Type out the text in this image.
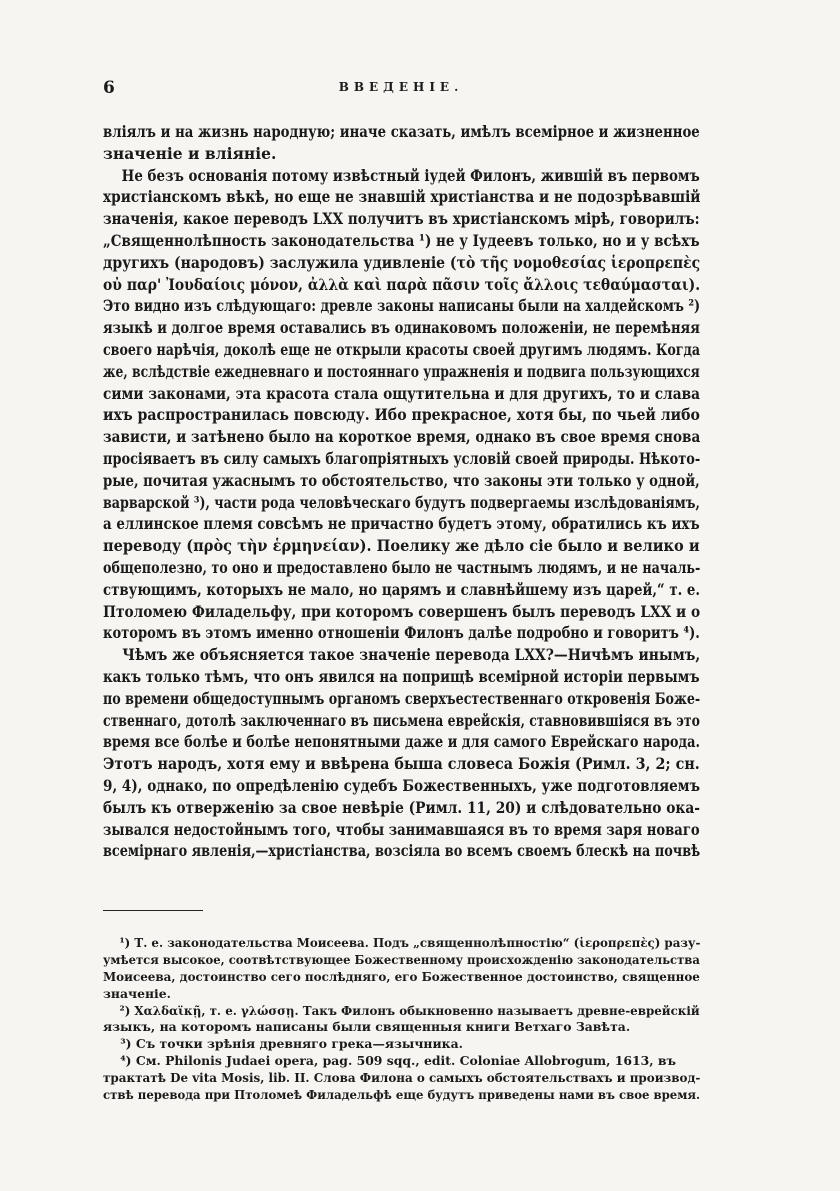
6	ВВЕДЕНІЕ.
вліялъ и на жизнь народную; иначе сказать, имѣлъ всемірное и жизненное
значеніе и вліяніе.
Не безъ основанія потому извѣстный іудей Филонъ, жившій въ первомъ
христіанскомъ вѣкѣ, но еще не знавшій христіанства и не подозрѣвавшій
значенія, какое переводъ LXX получитъ въ христіанскомъ мірѣ, говорилъ:
„Священнолѣпность законодательства ¹) не у Іудеевъ только, но и у всѣхъ
другихъ (народовъ) заслужила удивленіе (τὸ τῆς νομοθεσίας ἱεροπρεπὲς
οὐ παρ' Ἰουδαίοις μόνον, ἀλλὰ καὶ παρὰ πᾶσιν τοῖς ἄλλοις τεθαύμασται).
Это видно изъ слѣдующаго: древле законы написаны были на халдейскомъ ²)
языкѣ и долгое время оставались въ одинаковомъ положеніи, не перемѣняя
своего нарѣчія, доколѣ еще не открыли красоты своей другимъ людямъ. Когда
же, вслѣдствіе ежедневнаго и постояннаго упражненія и подвига пользующихся
сими законами, эта красота стала ощутительна и для другихъ, то и слава
ихъ распространилась повсюду. Ибо прекрасное, хотя бы, по чьей либо
зависти, и затѣнено было на короткое время, однако въ свое время снова
просіяваетъ въ силу самыхъ благопріятныхъ условій своей природы. Нѣкото-
рые, почитая ужаснымъ то обстоятельство, что законы эти только у одной,
варварской ³), части рода человѣческаго будутъ подвергаемы изслѣдованіямъ,
а еллинское племя совсѣмъ не причастно будетъ этому, обратились къ ихъ
переводу (πρὸς τὴν ἑρμηνείαν). Поелику же дѣло сіе было и велико и
общеполезно, то оно и предоставлено было не частнымъ людямъ, и не началь-
ствующимъ, которыхъ не мало, но царямъ и славнѣйшему изъ царей,“ т. е.
Птоломею Филадельфу, при которомъ совершенъ былъ переводъ LXX и о
которомъ въ этомъ именно отношеніи Филонъ далѣе подробно и говоритъ ⁴).
Чѣмъ же объясняется такое значеніе перевода LXX?—Ничѣмъ инымъ,
какъ только тѣмъ, что онъ явился на поприщѣ всемірной исторіи первымъ
по времени общедоступнымъ органомъ сверхъестественнаго откровенія Боже-
ственнаго, дотолѣ заключеннаго въ письмена еврейскія, ставновившіяся въ это
время все болѣе и болѣе непонятными даже и для самого Еврейскаго народа.
Этотъ народъ, хотя ему и ввѣрена быша словеса Божія (Римл. 3, 2; сн.
9, 4), однако, по опредѣленію судебъ Божественныхъ, уже подготовляемъ
былъ къ отверженію за свое невѣріе (Римл. 11, 20) и слѣдовательно ока-
зывался недостойнымъ того, чтобы занимавшаяся въ то время заря новаго
всемірнаго явленія,—христіанства, возсіяла во всемъ своемъ блескѣ на почвѣ
¹) Т. е. законодательства Моисеева. Подъ „священнолѣпностію“ (ἱεροπρεπὲς) разу-
умѣется высокое, соотвѣтствующее Божественному происхожденію законодательства
Моисеева, достоинство сего послѣдняго, его Божественное достоинство, священное
значеніе.
²) Χαλδαϊκῇ, т. е. γλώσσῃ. Такъ Филонъ обыкновенно называетъ древне-еврейскій
языкъ, на которомъ написаны были священныя книги Ветхаго Завѣта.
³) Съ точки зрѣнія древняго грека—язычника.
⁴) См. Philonis Judaei opera, pag. 509 sqq., edit. Coloniae Allobrogum, 1613, въ
трактатѣ De vita Mosis, lib. II. Слова Филона о самыхъ обстоятельствахъ и производ-
ствѣ перевода при Птоломеѣ Филадельфѣ еще будутъ приведены нами въ свое время.
